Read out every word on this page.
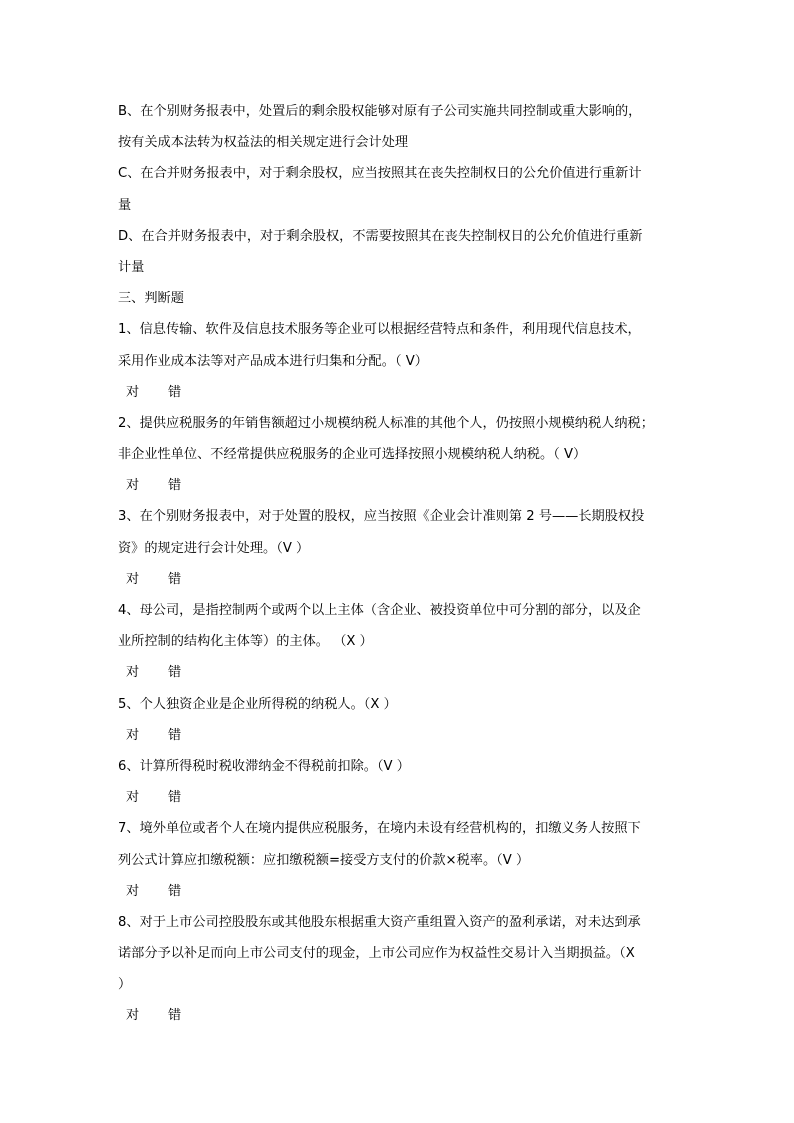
B、在个别财务报表中，处置后的剩余股权能够对原有子公司实施共同控制或重大影响的，
按有关成本法转为权益法的相关规定进行会计处理
C、在合并财务报表中，对于剩余股权，应当按照其在丧失控制权日的公允价值进行重新计
量
D、在合并财务报表中，对于剩余股权，不需要按照其在丧失控制权日的公允价值进行重新
计量
三、判断题
1、信息传输、软件及信息技术服务等企业可以根据经营特点和条件，利用现代信息技术，
采用作业成本法等对产品成本进行归集和分配。（ V）
对 错
2、提供应税服务的年销售额超过小规模纳税人标准的其他个人，仍按照小规模纳税人纳税；
非企业性单位、不经常提供应税服务的企业可选择按照小规模纳税人纳税。（ V）
对 错
3、在个别财务报表中，对于处置的股权，应当按照《企业会计准则第 2 号——长期股权投
资》的规定进行会计处理。（V ）
对 错
4、母公司，是指控制两个或两个以上主体（含企业、被投资单位中可分割的部分，以及企
业所控制的结构化主体等）的主体。 （X ）
对 错
5、个人独资企业是企业所得税的纳税人。（X ）
对 错
6、计算所得税时税收滞纳金不得税前扣除。（V ）
对 错
7、境外单位或者个人在境内提供应税服务，在境内未设有经营机构的，扣缴义务人按照下
列公式计算应扣缴税额：应扣缴税额=接受方支付的价款×税率。（V ）
对 错
8、对于上市公司控股股东或其他股东根据重大资产重组置入资产的盈利承诺，对未达到承
诺部分予以补足而向上市公司支付的现金，上市公司应作为权益性交易计入当期损益。（X
）
对 错
